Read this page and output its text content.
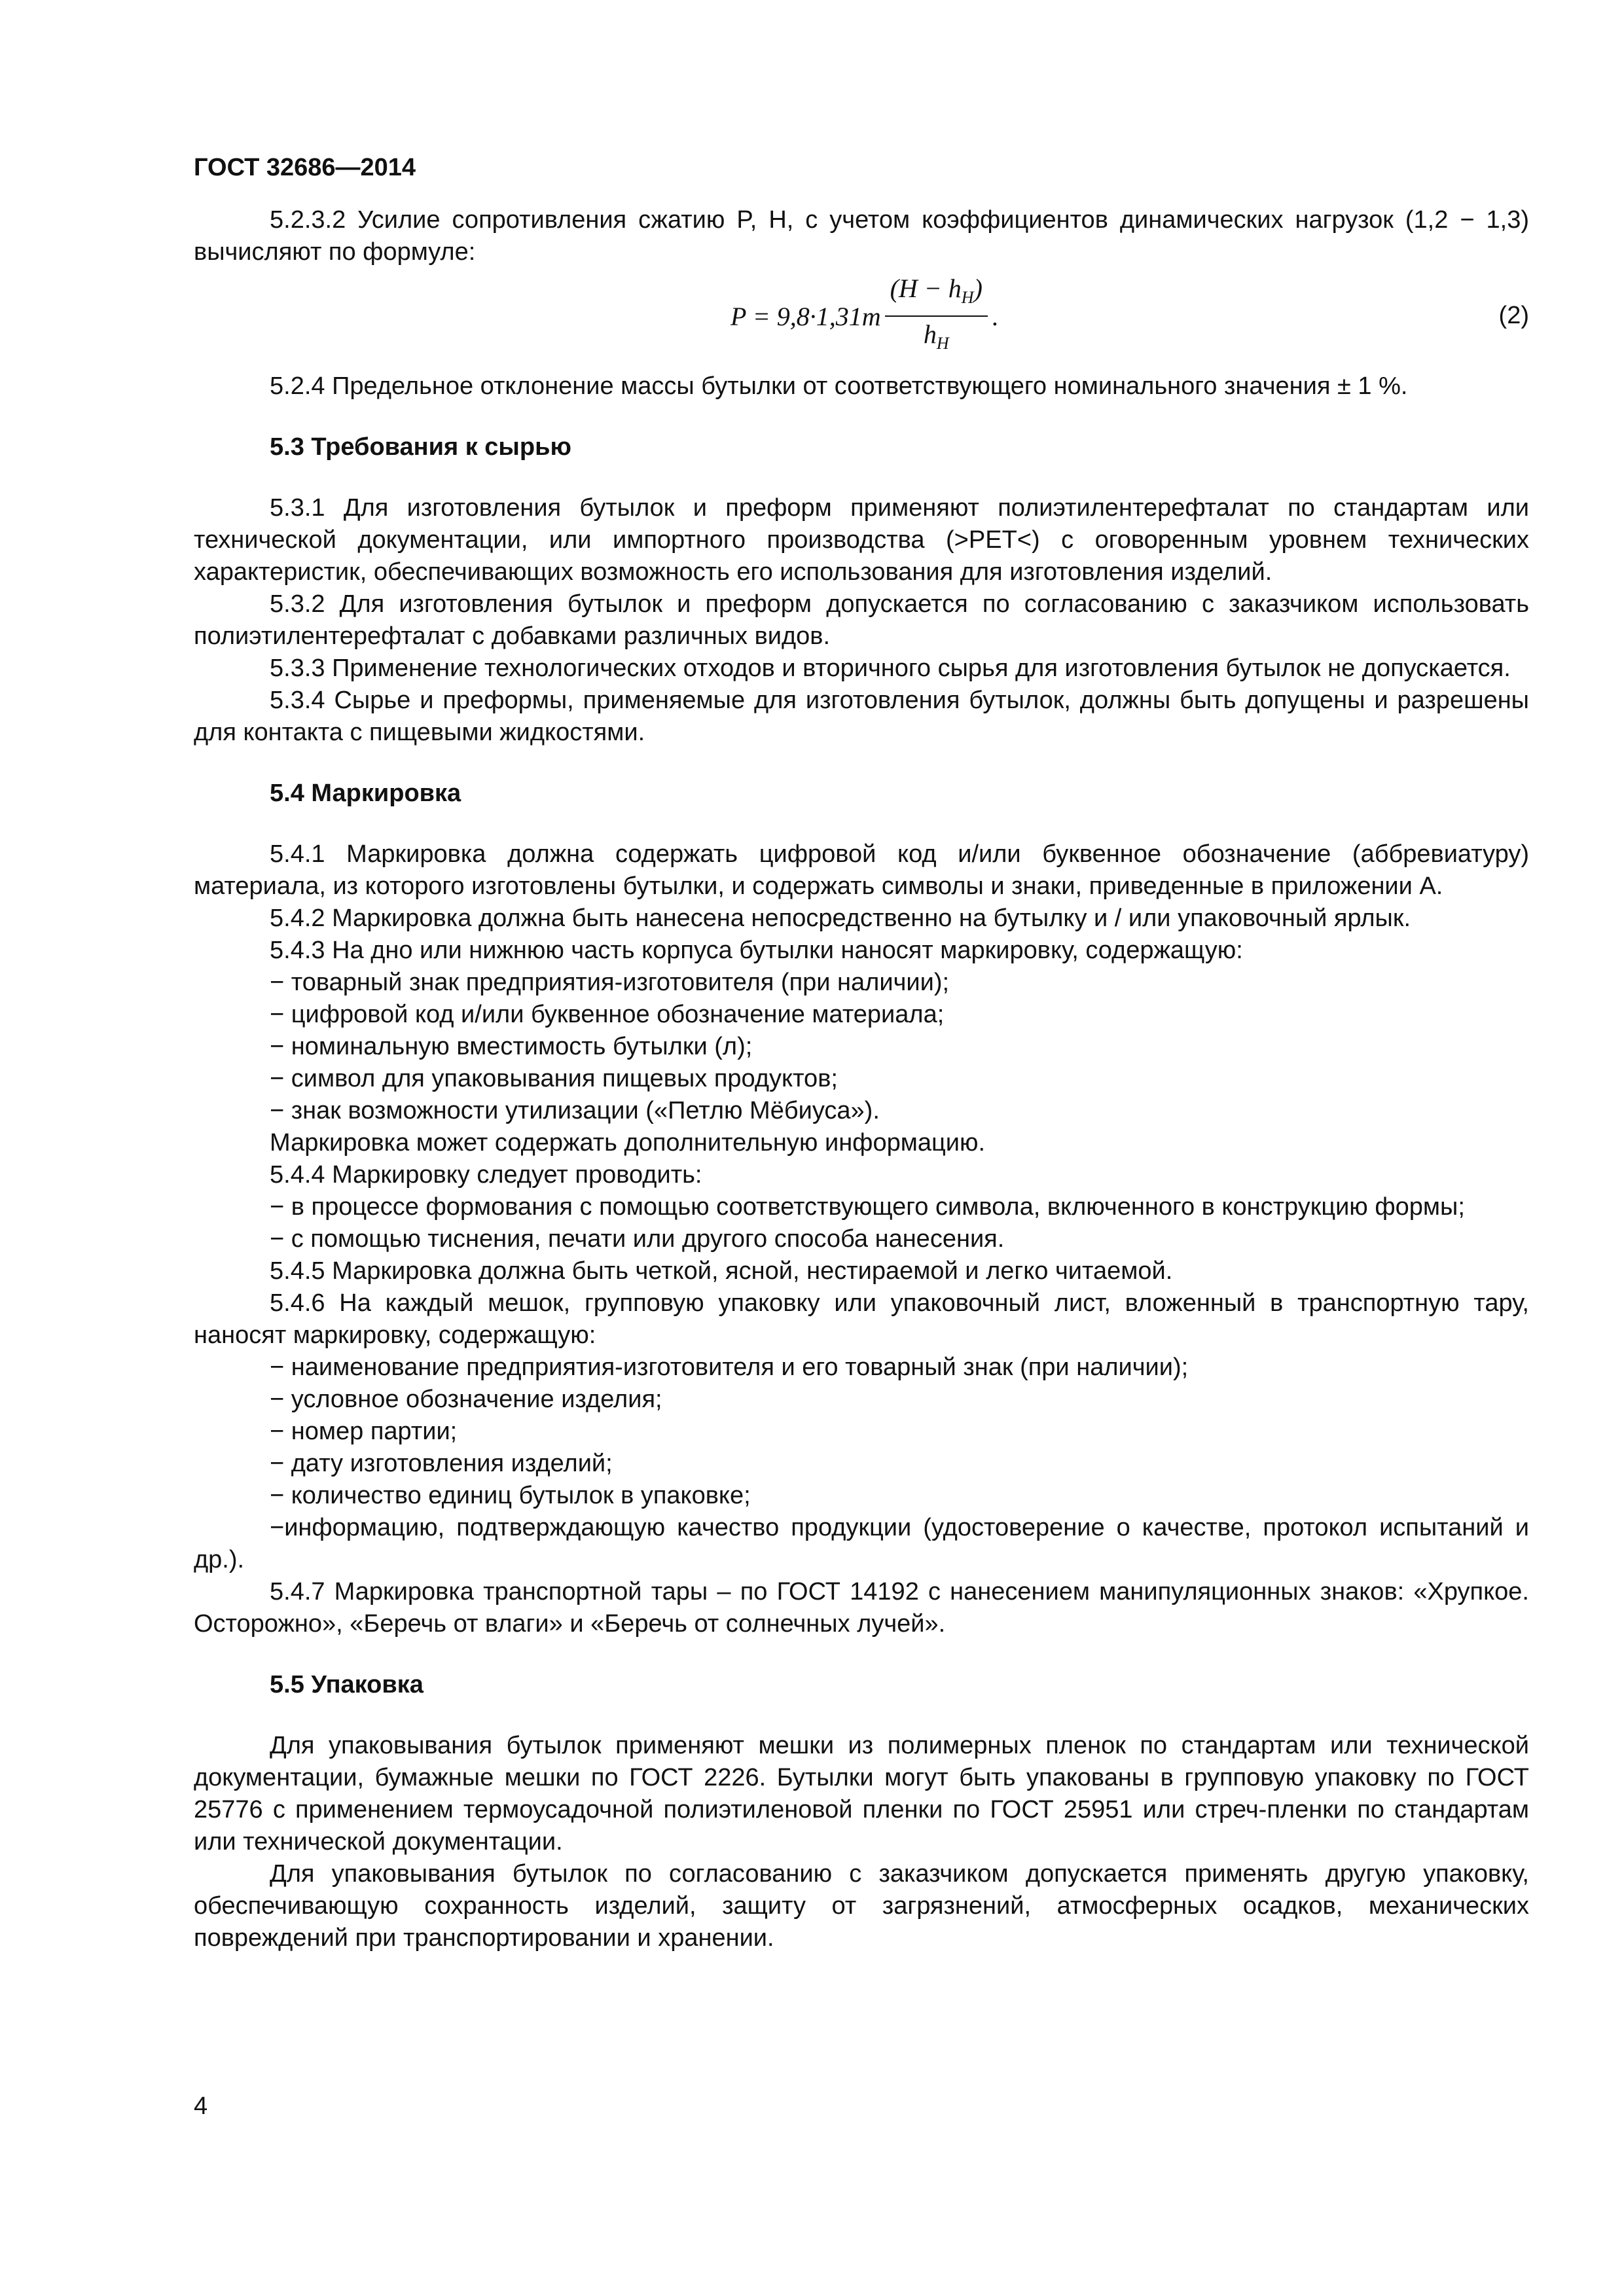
ГОСТ 32686—2014

5.2.3.2 Усилие сопротивления сжатию P, Н, с учетом коэффициентов динамических нагрузок (1,2 − 1,3) вычисляют по формуле:

$P = 9,8\cdot 1,31m \frac{(H - h_H)}{h_H}$ .	(2)

5.2.4 Предельное отклонение массы бутылки от соответствующего номинального значения ± 1 %.

5.3 Требования к сырью

5.3.1 Для изготовления бутылок и преформ применяют полиэтилентерефталат по стандартам или технической документации, или импортного производства (>PET<) с оговоренным уровнем технических характеристик, обеспечивающих возможность его использования для изготовления изделий.

5.3.2 Для изготовления бутылок и преформ допускается по согласованию с заказчиком использовать полиэтилентерефталат с добавками различных видов.

5.3.3 Применение технологических отходов и вторичного сырья для изготовления бутылок не допускается.

5.3.4 Сырье и преформы, применяемые для изготовления бутылок, должны быть допущены и разрешены для контакта с пищевыми жидкостями.

5.4 Маркировка

5.4.1 Маркировка должна содержать цифровой код и/или буквенное обозначение (аббревиатуру) материала, из которого изготовлены бутылки, и содержать символы и знаки, приведенные в приложении А.

5.4.2 Маркировка должна быть нанесена непосредственно на бутылку и / или упаковочный ярлык.

5.4.3 На дно или нижнюю часть корпуса бутылки наносят маркировку, содержащую:

− товарный знак предприятия-изготовителя (при наличии);

− цифровой код и/или буквенное обозначение материала;

− номинальную вместимость бутылки (л);

− символ для упаковывания пищевых продуктов;

− знак возможности утилизации («Петлю Мёбиуса»).

Маркировка может содержать дополнительную информацию.

5.4.4 Маркировку следует проводить:

− в процессе формования с помощью соответствующего символа, включенного в конструкцию формы;

− с помощью тиснения, печати или другого способа нанесения.

5.4.5 Маркировка должна быть четкой, ясной, нестираемой и легко читаемой.

5.4.6 На каждый мешок, групповую упаковку или упаковочный лист, вложенный в транспортную тару, наносят маркировку, содержащую:

− наименование предприятия-изготовителя и его товарный знак (при наличии);

− условное обозначение изделия;

− номер партии;

− дату изготовления изделий;

− количество единиц бутылок в упаковке;

−информацию, подтверждающую качество продукции (удостоверение о качестве, протокол испытаний и др.).

5.4.7 Маркировка транспортной тары – по ГОСТ 14192 с нанесением манипуляционных знаков: «Хрупкое. Осторожно», «Беречь от влаги» и «Беречь от солнечных лучей».

5.5 Упаковка

Для упаковывания бутылок применяют мешки из полимерных пленок по стандартам или технической документации, бумажные мешки по ГОСТ 2226. Бутылки могут быть упакованы в групповую упаковку по ГОСТ 25776 с применением термоусадочной полиэтиленовой пленки по ГОСТ 25951 или стреч-пленки по стандартам или технической документации.

Для упаковывания бутылок по согласованию с заказчиком допускается применять другую упаковку, обеспечивающую сохранность изделий, защиту от загрязнений, атмосферных осадков, механических повреждений при транспортировании и хранении.

4
